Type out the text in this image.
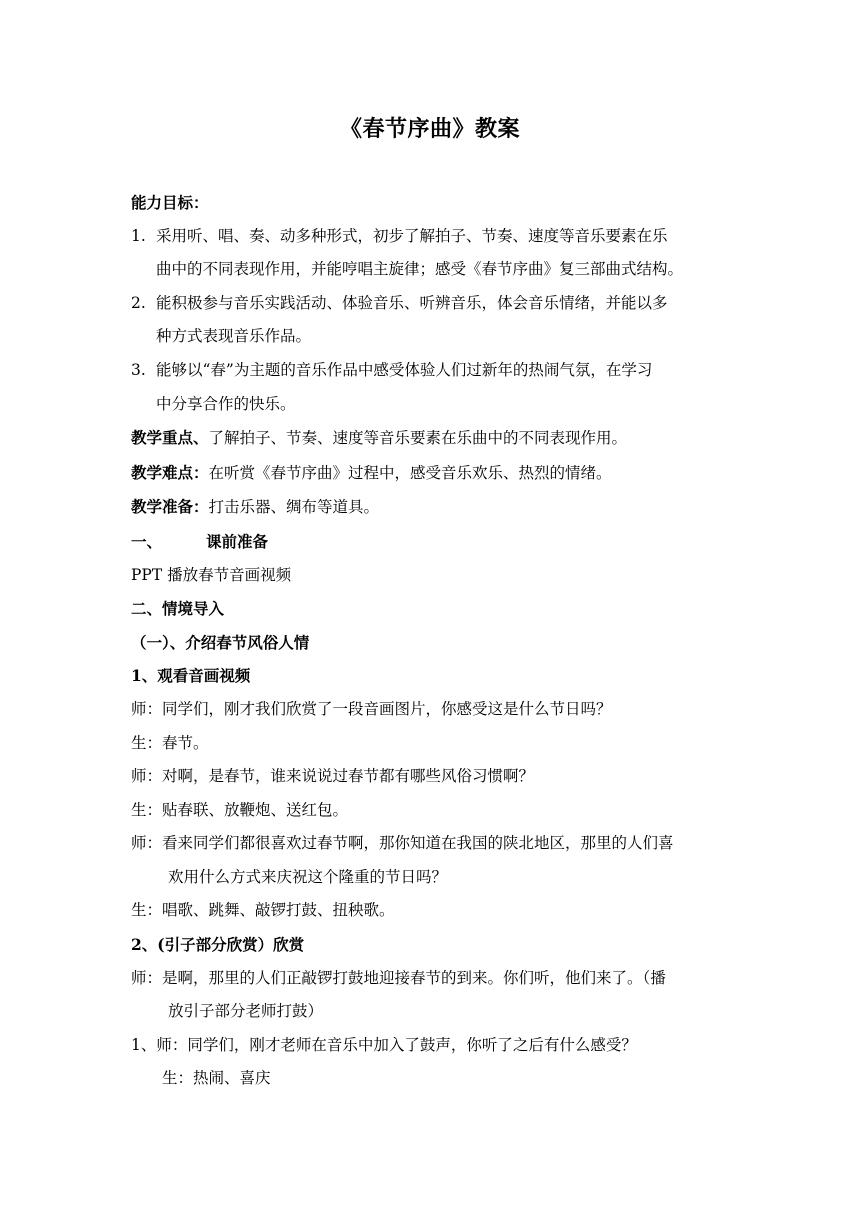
《春节序曲》教案
能力目标：
1. 采用听、唱、奏、动多种形式，初步了解拍子、节奏、速度等音乐要素在乐
曲中的不同表现作用，并能哼唱主旋律；感受《春节序曲》复三部曲式结构。
2. 能积极参与音乐实践活动、体验音乐、听辨音乐，体会音乐情绪，并能以多
种方式表现音乐作品。
3. 能够以“春”为主题的音乐作品中感受体验人们过新年的热闹气氛，在学习
中分享合作的快乐。
教学重点、了解拍子、节奏、速度等音乐要素在乐曲中的不同表现作用。
教学难点：在听赏《春节序曲》过程中，感受音乐欢乐、热烈的情绪。
教学准备：打击乐器、绸布等道具。
一、	课前准备
PPT 播放春节音画视频
二、情境导入
（一）、介绍春节风俗人情
1、观看音画视频
师：同学们，刚才我们欣赏了一段音画图片，你感受这是什么节日吗？
生：春节。
师：对啊，是春节，谁来说说过春节都有哪些风俗习惯啊？
生：贴春联、放鞭炮、送红包。
师：看来同学们都很喜欢过春节啊，那你知道在我国的陕北地区，那里的人们喜
欢用什么方式来庆祝这个隆重的节日吗？
生：唱歌、跳舞、敲锣打鼓、扭秧歌。
2、(引子部分欣赏）欣赏
师：是啊，那里的人们正敲锣打鼓地迎接春节的到来。你们听，他们来了。（播
放引子部分老师打鼓）
1、师：同学们，刚才老师在音乐中加入了鼓声，你听了之后有什么感受？
生：热闹、喜庆
